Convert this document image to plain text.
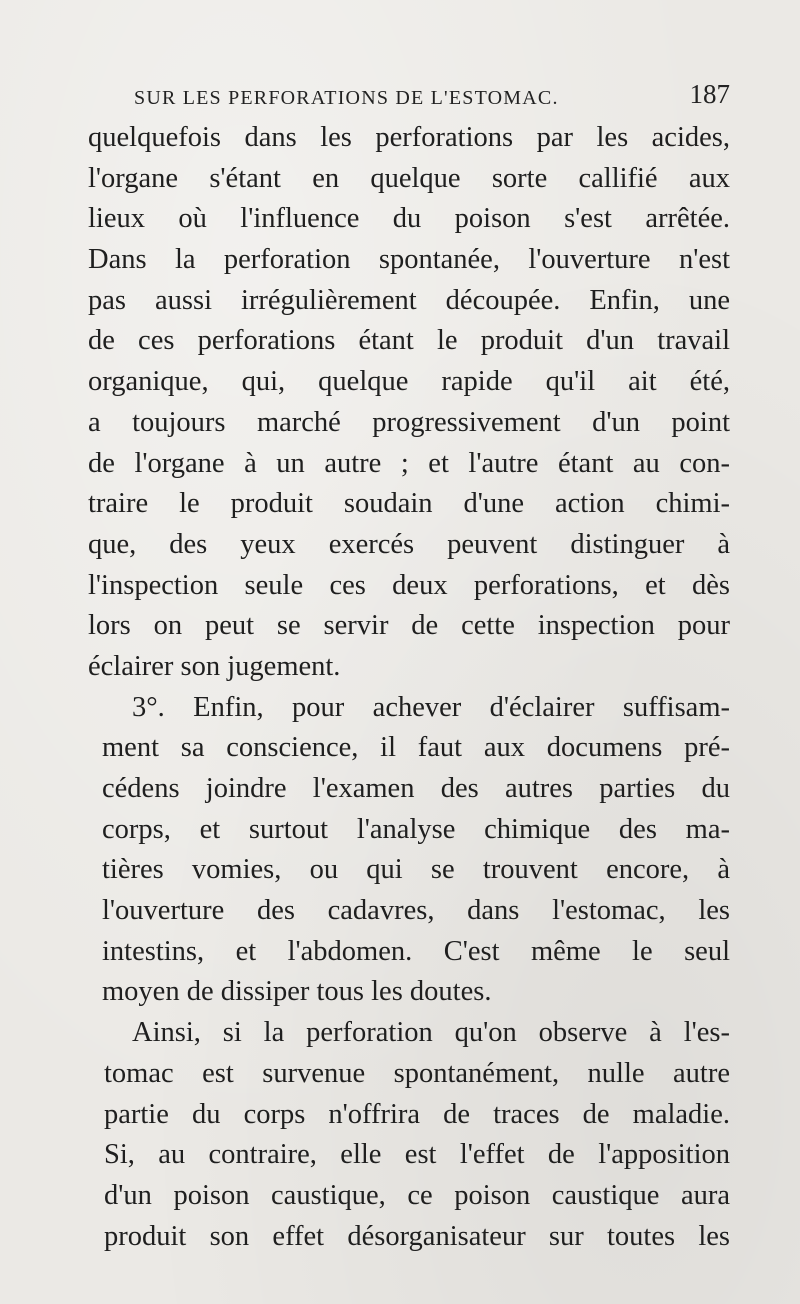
SUR LES PERFORATIONS DE L'ESTOMAC.	187
quelquefois dans les perforations par les acides,
l'organe s'étant en quelque sorte callifié aux
lieux où l'influence du poison s'est arrêtée.
Dans la perforation spontanée, l'ouverture n'est
pas aussi irrégulièrement découpée. Enfin, une
de ces perforations étant le produit d'un travail
organique, qui, quelque rapide qu'il ait été,
a toujours marché progressivement d'un point
de l'organe à un autre ; et l'autre étant au con-
traire le produit soudain d'une action chimi-
que, des yeux exercés peuvent distinguer à
l'inspection seule ces deux perforations, et dès
lors on peut se servir de cette inspection pour
éclairer son jugement.
3°. Enfin, pour achever d'éclairer suffisam-
ment sa conscience, il faut aux documens pré-
cédens joindre l'examen des autres parties du
corps, et surtout l'analyse chimique des ma-
tières vomies, ou qui se trouvent encore, à
l'ouverture des cadavres, dans l'estomac, les
intestins, et l'abdomen. C'est même le seul
moyen de dissiper tous les doutes.
Ainsi, si la perforation qu'on observe à l'es-
tomac est survenue spontanément, nulle autre
partie du corps n'offrira de traces de maladie.
Si, au contraire, elle est l'effet de l'apposition
d'un poison caustique, ce poison caustique aura
produit son effet désorganisateur sur toutes les
